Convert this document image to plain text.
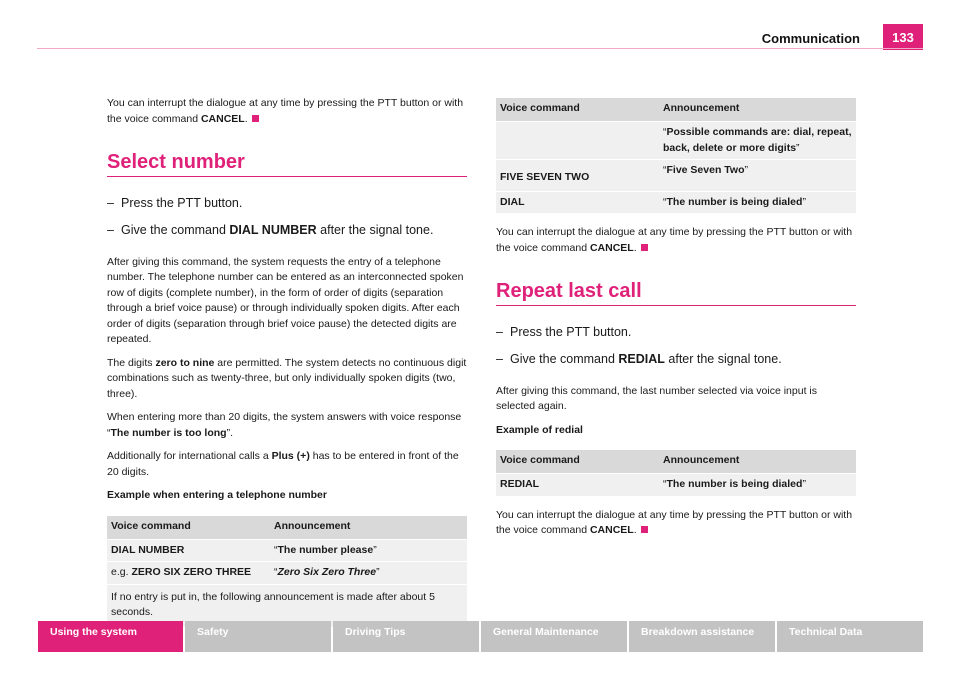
Communication	133

You can interrupt the dialogue at any time by pressing the PTT button or with the voice command CANCEL.

Select number

– Press the PTT button.

– Give the command DIAL NUMBER after the signal tone.

After giving this command, the system requests the entry of a telephone number. The telephone number can be entered as an interconnected spoken row of digits (complete number), in the form of order of digits (separation through a brief voice pause) or through individually spoken digits. After each order of digits (separation through brief voice pause) the detected digits are repeated.

The digits zero to nine are permitted. The system detects no continuous digit combinations such as twenty-three, but only individually spoken digits (two, three).

When entering more than 20 digits, the system answers with voice response “The number is too long”.

Additionally for international calls a Plus (+) has to be entered in front of the 20 digits.

Example when entering a telephone number

Voice command	Announcement
DIAL NUMBER	“The number please”
e.g. ZERO SIX ZERO THREE	“Zero Six Zero Three”
If no entry is put in, the following announcement is made after about 5 seconds.	
Voice command	Announcement
	“Possible commands are: dial, repeat, back, delete or more digits”
FIVE SEVEN TWO	“Five Seven Two”
DIAL	“The number is being dialed”

You can interrupt the dialogue at any time by pressing the PTT button or with the voice command CANCEL.

Repeat last call

– Press the PTT button.

– Give the command REDIAL after the signal tone.

After giving this command, the last number selected via voice input is selected again.

Example of redial

Voice command	Announcement
REDIAL	“The number is being dialed”

You can interrupt the dialogue at any time by pressing the PTT button or with the voice command CANCEL.

Using the system	Safety	Driving Tips	General Maintenance	Breakdown assistance	Technical Data
